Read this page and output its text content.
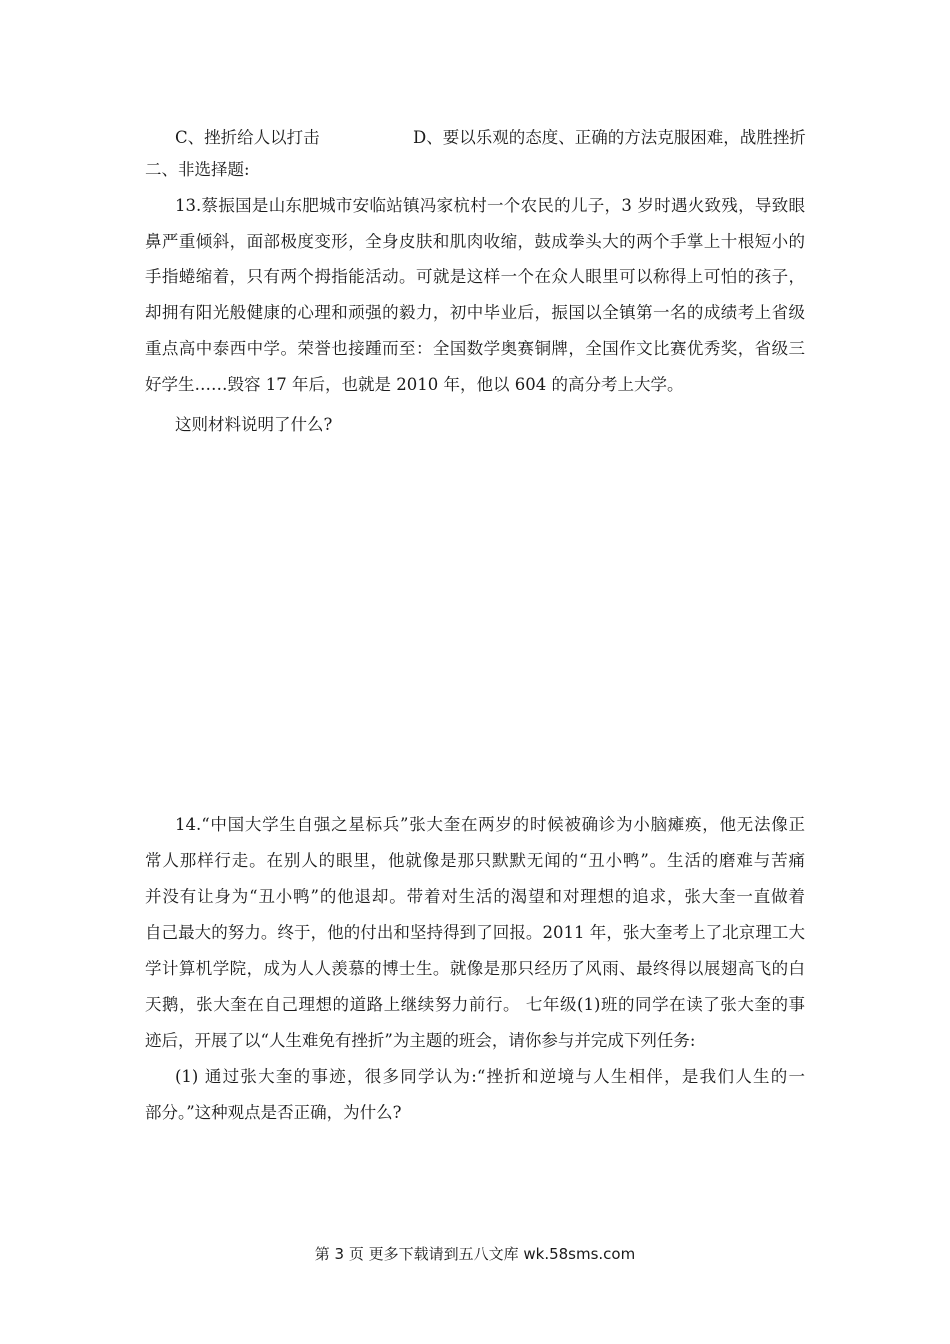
C、挫折给人以打击	D、要以乐观的态度、正确的方法克服困难，战胜挫折
二、非选择题:
13.蔡振国是山东肥城市安临站镇冯家杭村一个农民的儿子，3 岁时遇火致残，导致眼
鼻严重倾斜，面部极度变形，全身皮肤和肌肉收缩，鼓成拳头大的两个手掌上十根短小的
手指蜷缩着，只有两个拇指能活动。可就是这样一个在众人眼里可以称得上可怕的孩子，
却拥有阳光般健康的心理和顽强的毅力，初中毕业后，振国以全镇第一名的成绩考上省级
重点高中泰西中学。荣誉也接踵而至：全国数学奥赛铜牌，全国作文比赛优秀奖，省级三
好学生……毁容 17 年后，也就是 2010 年，他以 604 的高分考上大学。
这则材料说明了什么?
14.“中国大学生自强之星标兵”张大奎在两岁的时候被确诊为小脑瘫痪，他无法像正
常人那样行走。在别人的眼里，他就像是那只默默无闻的“丑小鸭”。生活的磨难与苦痛
并没有让身为“丑小鸭”的他退却。带着对生活的渴望和对理想的追求，张大奎一直做着
自己最大的努力。终于，他的付出和坚持得到了回报。2011 年，张大奎考上了北京理工大
学计算机学院，成为人人羡慕的博士生。就像是那只经历了风雨、最终得以展翅高飞的白
天鹅，张大奎在自己理想的道路上继续努力前行。 七年级(1)班的同学在读了张大奎的事
迹后，开展了以“人生难免有挫折”为主题的班会，请你参与并完成下列任务:
(1) 通过张大奎的事迹，很多同学认为:“挫折和逆境与人生相伴，是我们人生的一
部分。”这种观点是否正确，为什么?
第 3 页 更多下载请到五八文库 wk.58sms.com
